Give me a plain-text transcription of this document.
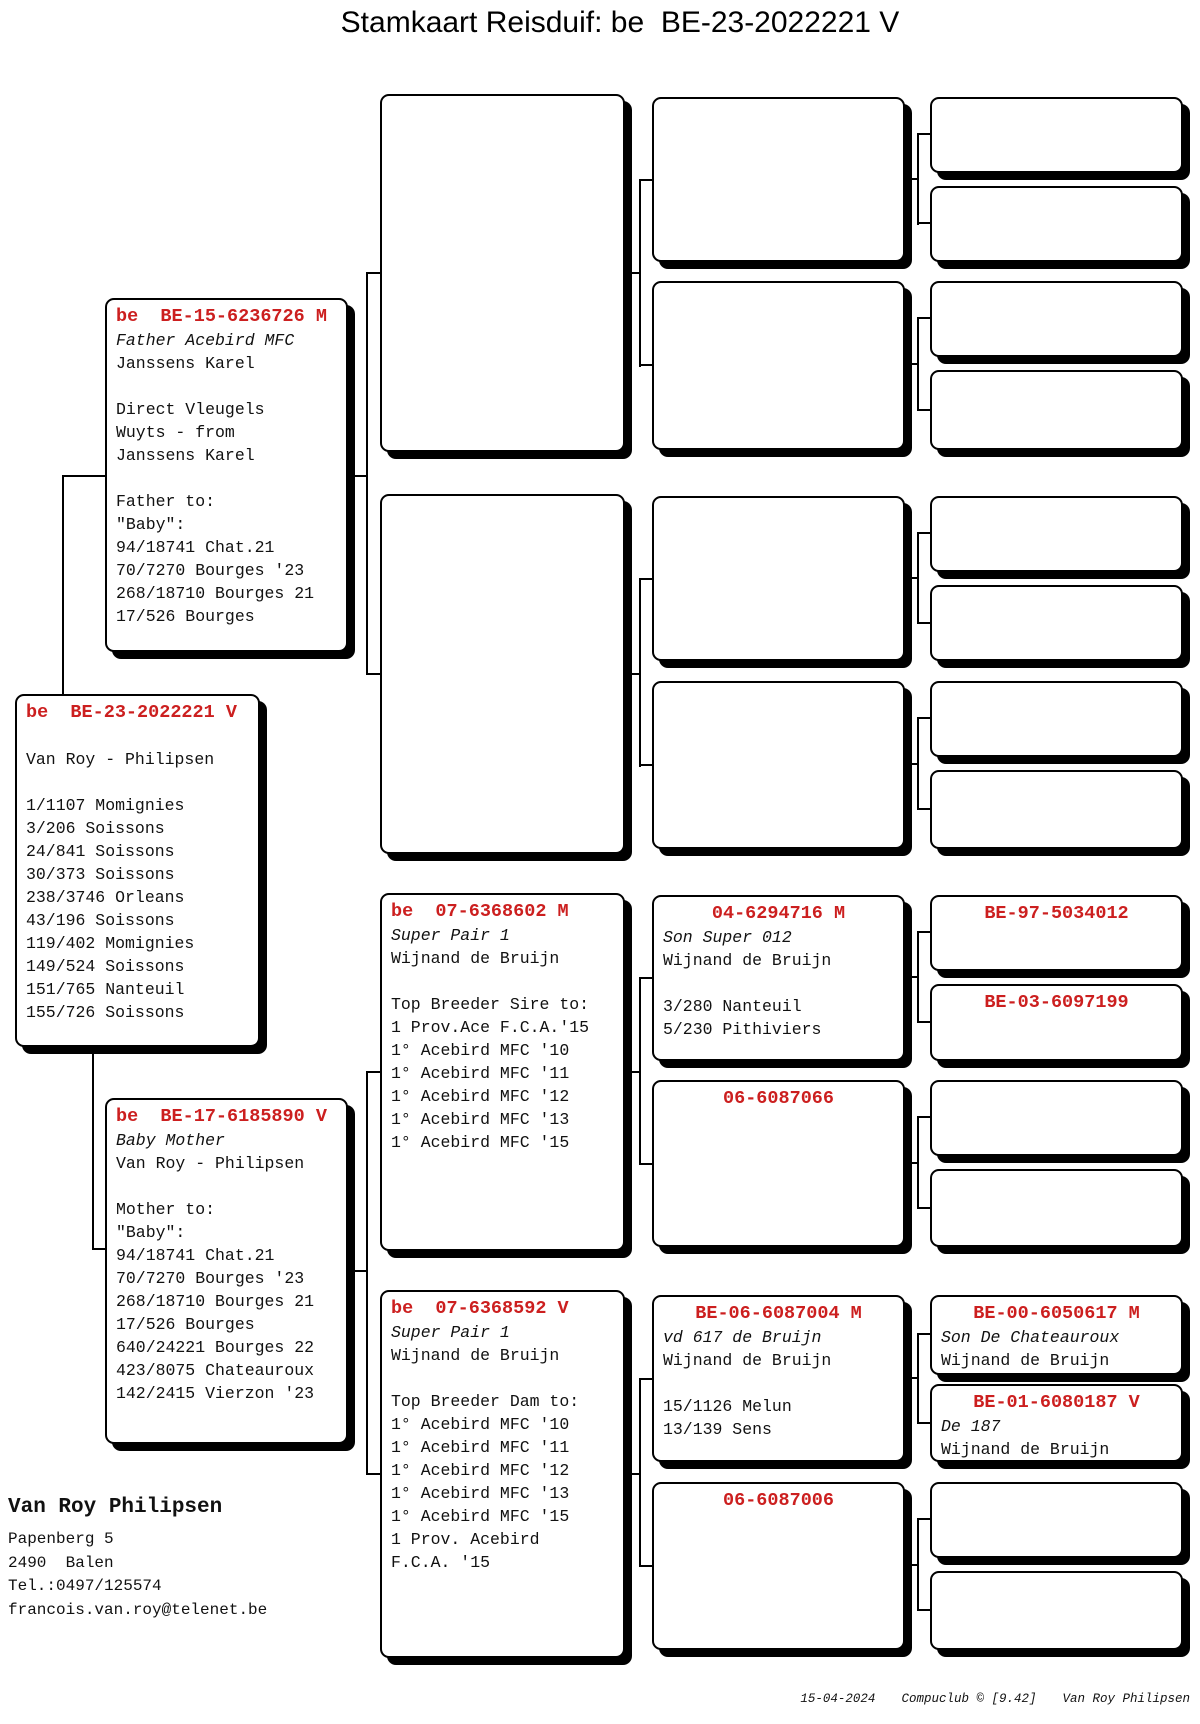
Stamkaart Reisduif: be  BE-23-2022221 V
be  BE-23-2022221 V

Van Roy - Philipsen

1/1107 Momignies
3/206 Soissons
24/841 Soissons
30/373 Soissons
238/3746 Orleans
43/196 Soissons
119/402 Momignies
149/524 Soissons
151/765 Nanteuil
155/726 Soissons
be  BE-15-6236726 M
Father Acebird MFC
Janssens Karel

Direct Vleugels
Wuyts - from
Janssens Karel

Father to:
"Baby":
94/18741 Chat.21
70/7270 Bourges '23
268/18710 Bourges 21
17/526 Bourges
be  BE-17-6185890 V
Baby Mother
Van Roy - Philipsen

Mother to:
"Baby":
94/18741 Chat.21
70/7270 Bourges '23
268/18710 Bourges 21
17/526 Bourges
640/24221 Bourges 22
423/8075 Chateauroux
142/2415 Vierzon '23
be  07-6368602 M
Super Pair 1
Wijnand de Bruijn

Top Breeder Sire to:
1 Prov.Ace F.C.A.'15
1° Acebird MFC '10
1° Acebird MFC '11
1° Acebird MFC '12
1° Acebird MFC '13
1° Acebird MFC '15
be  07-6368592 V
Super Pair 1
Wijnand de Bruijn

Top Breeder Dam to:
1° Acebird MFC '10
1° Acebird MFC '11
1° Acebird MFC '12
1° Acebird MFC '13
1° Acebird MFC '15
1 Prov. Acebird
F.C.A. '15
04-6294716 M
Son Super 012
Wijnand de Bruijn

3/280 Nanteuil
5/230 Pithiviers
06-6087066
BE-06-6087004 M
vd 617 de Bruijn
Wijnand de Bruijn

15/1126 Melun
13/139 Sens
06-6087006
BE-97-5034012
BE-03-6097199
BE-00-6050617 M
Son De Chateauroux
Wijnand de Bruijn
BE-01-6080187 V
De 187
Wijnand de Bruijn
Van Roy Philipsen
Papenberg 5
2490  Balen
Tel.:0497/125574
francois.van.roy@telenet.be
15-04-2024 Compuclub © [9.42] Van Roy Philipsen
